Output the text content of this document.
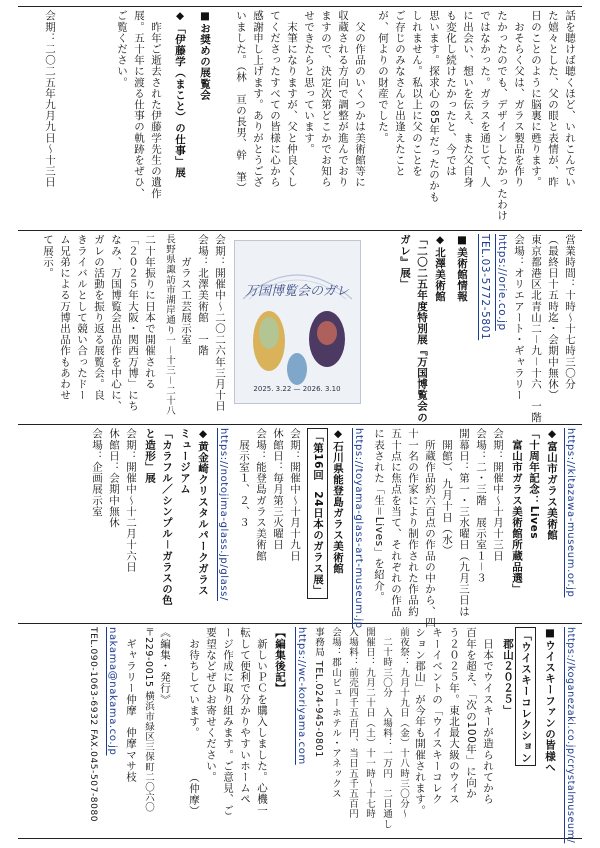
話を聴けば聴くほど、いれこんでい
た嬉々とした、父の眼と表情が、昨
日のことのように脳裏に甦ります。
　おそらく父は、ガラス製品を作り
たかったのでも、デザインしたかったわけ
ではなかった。ガラスを通じて、人
に出会い、想いを伝え、また父自身
も変化し続けたかったと、今では
思います。探求心の85年だったのかも
しれません。私以上に父のことを
ご存じのみなさんと出逢えたこと
が、何よりの財産でした。
　父の作品のいくつかは美術館等に
収蔵される方向で調整が進んでおり
ますので、決定次第どこかでお知ら
せできたらと思っています。
　末筆になりますが、父と仲良くし
てくださったすべての皆様に心から
感謝申し上げます。ありがとうござ
いました。（林　亘の長男、幹　筆）
■お奨めの展覧会
◆「伊藤学（まこと）の仕事」展
　昨年ご逝去された伊藤学先生の遺作
展。五十年に渡る仕事の軌跡をぜひ、
ご覧ください。
会期：二〇二五年九月九日～十三日
営業時間：十時～十七時三〇分
（最終日十五時迄・会期中無休）
東京都港区北青山二－九－十六　一階
会場：オリエアート・ギャラリー
https://orie.co.jp
TEL.03-5772-5801
■美術館情報
◆北澤美術館
「二〇二五年度特別展『万国博覧会の
ガレ』展」
会期：開催中～二〇二六年三月十日
会場：北澤美術館　一階
　　ガラス工芸展示室
長野県諏訪市湖岸通り一－十三－二十八
二十年振りに日本で開催される
「２０２５年大阪・関西万博」にち
なみ、万国博覧会出品作を中心に、
ガレの活動を振り返る展覧会。良
きライバルとして競い合ったドー
ム兄弟による万博出品作もあわせ
て展示。
万国博覧会のガレ
2025. 3.22 — 2026. 3.10
https://kitazawa-museum.or.jp
◆富山市ガラス美術館
「十周年記念：Lives
　富山市ガラス美術館所蔵品選」
会期：開催中～十月十三日
会場：二・三階　展示室１－３
開幕日：第一・三水曜日（九月三日は
　開館）、九月十日（水）
　所蔵作品約六百点の作品の中から、四
十一名の作家により制作された作品約
五十点に焦点を当て、それぞれの作品
に表された「生＝Lives」を紹介。
https://toyama-glass-art-museum.jp
◆石川県能登島ガラス美術館
「第16回　24日本のガラス展」
会期：開催中～十月十九日
休館日：毎月第三火曜日
会場：能登島ガラス美術館
　展示室１、２、３
https://notojima-glass.jp/glass/
◆黄金崎クリスタルパークガラス
ミュージアム
「カラフル／シンプル－ガラスの色
と造形」展
会期：開催中～十二月十六日
休館日：会期中無休
会場：企画展示室
https://koganezaki.co.jp/crystalmuseum/
■ウイスキーファンの皆様へ
「ウイスキーコレクション
　郡山２０２５」
　日本でウイスキーが造られてから
百年を超え、「次の100年」に向か
う２０２５年。東北最大級のウイス
キーイベントの「ウイスキーコレク
ション郡山」が今年も開催されます。
前夜祭：九月十九日（金）十八時三〇分～
　二十時三〇分　入場料：一万円　二日通し
開催日：九月二十日（土）十一時～十七時
入場料：前売四千五百円、当日五千五百円
会場：郡山ビューホテル・アネックス
事務局 TEL.024-945-0801
https://wc-koriyama.com
【編集後記】
　新しいＰＣを購入しました。心機一
転して便利で分かりやすいホームペ
ージ作成に取り組みます。ご意見、ご
要望などぜひお寄せください。
　お待ちしています。　　　　（仲摩）
《編集・発行》
〒229-0015 横浜市緑区三保町二〇六〇
　ギャラリー仲摩　仲摩マサ枝
nakama@nakama.co.jp
TEL.090-1063-6932 FAX.045-507-8080
